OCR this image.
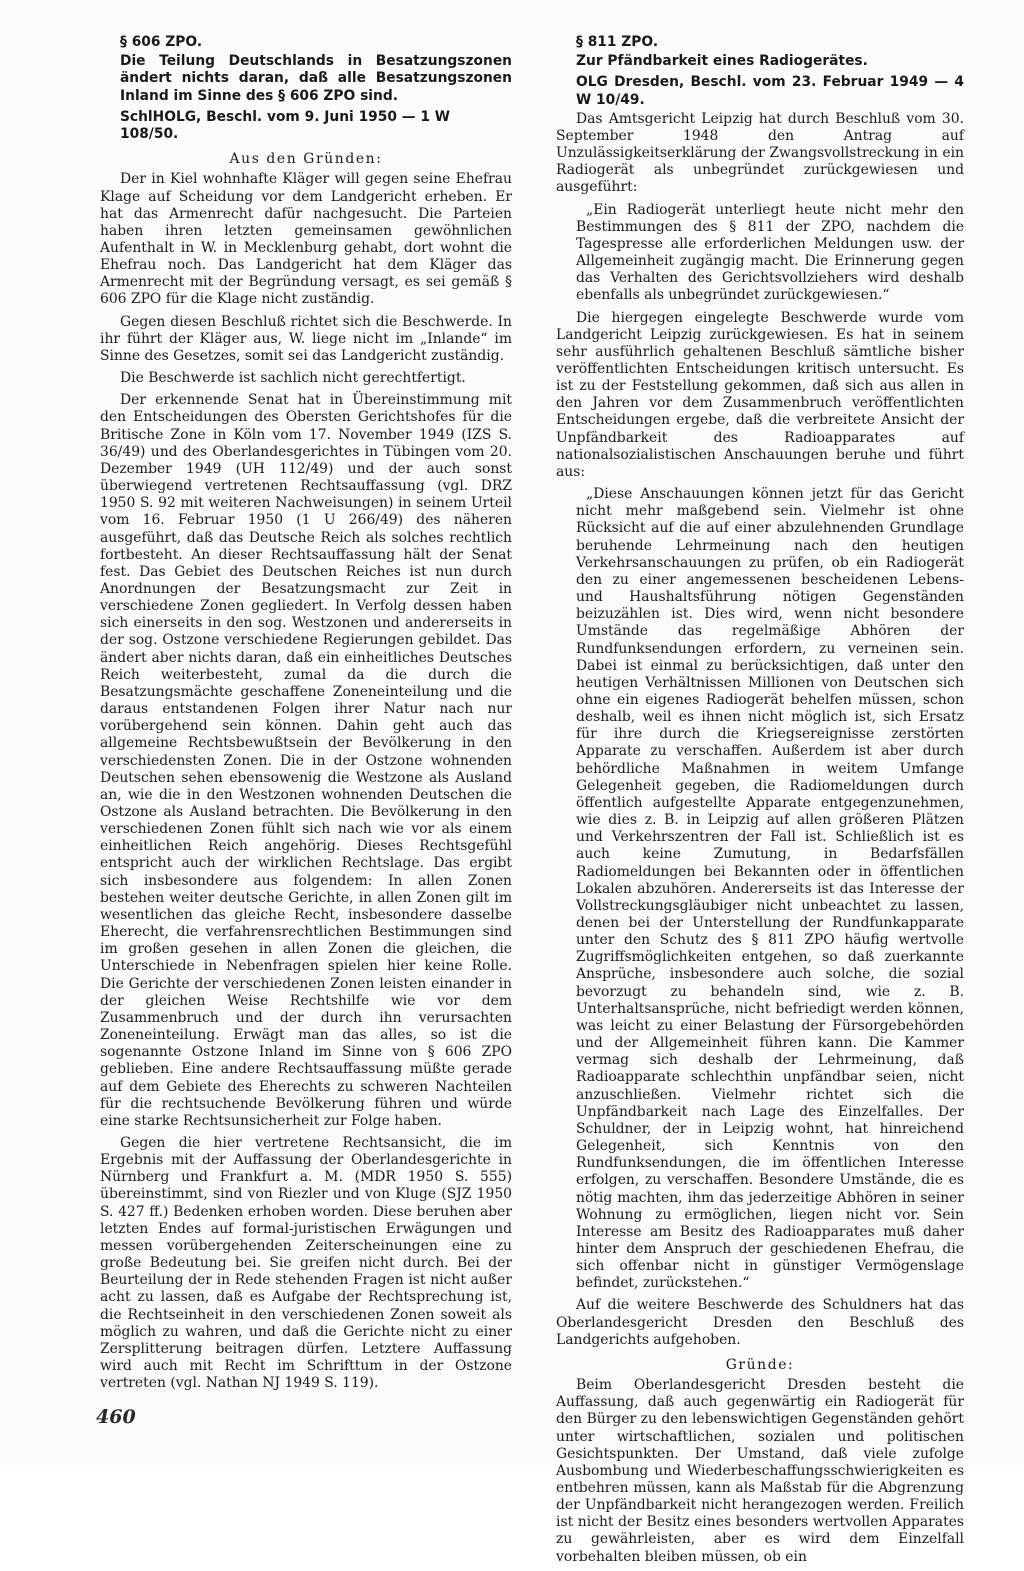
§ 606 ZPO.
Die Teilung Deutschlands in Besatzungszonen ändert nichts daran, daß alle Besatzungszonen Inland im Sinne des § 606 ZPO sind.
SchlHOLG, Beschl. vom 9. Juni 1950 — 1 W 108/50.
Aus den Gründen:

Der in Kiel wohnhafte Kläger will gegen seine Ehefrau Klage auf Scheidung vor dem Landgericht erheben. Er hat das Armenrecht dafür nachgesucht. Die Parteien haben ihren letzten gemeinsamen gewöhnlichen Aufenthalt in W. in Mecklenburg gehabt, dort wohnt die Ehefrau noch. Das Landgericht hat dem Kläger das Armenrecht mit der Begründung versagt, es sei gemäß § 606 ZPO für die Klage nicht zuständig.

Gegen diesen Beschluß richtet sich die Beschwerde. In ihr führt der Kläger aus, W. liege nicht im „Inlande“ im Sinne des Gesetzes, somit sei das Landgericht zuständig.

Die Beschwerde ist sachlich nicht gerechtfertigt.

Der erkennende Senat hat in Übereinstimmung mit den Entscheidungen des Obersten Gerichtshofes für die Britische Zone in Köln vom 17. November 1949 (IZS S. 36/49) und des Oberlandesgerichtes in Tübingen vom 20. Dezember 1949 (UH 112/49) und der auch sonst überwiegend vertretenen Rechtsauffassung (vgl. DRZ 1950 S. 92 mit weiteren Nachweisungen) in seinem Urteil vom 16. Februar 1950 (1 U 266/49) des näheren ausgeführt, daß das Deutsche Reich als solches rechtlich fortbesteht. An dieser Rechtsauffassung hält der Senat fest. Das Gebiet des Deutschen Reiches ist nun durch Anordnungen der Besatzungsmacht zur Zeit in verschiedene Zonen gegliedert. In Verfolg dessen haben sich einerseits in den sog. Westzonen und andererseits in der sog. Ostzone verschiedene Regierungen gebildet. Das ändert aber nichts daran, daß ein einheitliches Deutsches Reich weiterbesteht, zumal da die durch die Besatzungsmächte geschaffene Zoneneinteilung und die daraus entstandenen Folgen ihrer Natur nach nur vorübergehend sein können. Dahin geht auch das allgemeine Rechtsbewußtsein der Bevölkerung in den verschiedensten Zonen. Die in der Ostzone wohnenden Deutschen sehen ebensowenig die Westzone als Ausland an, wie die in den Westzonen wohnenden Deutschen die Ostzone als Ausland betrachten. Die Bevölkerung in den verschiedenen Zonen fühlt sich nach wie vor als einem einheitlichen Reich angehörig. Dieses Rechtsgefühl entspricht auch der wirklichen Rechtslage. Das ergibt sich insbesondere aus folgendem: In allen Zonen bestehen weiter deutsche Gerichte, in allen Zonen gilt im wesentlichen das gleiche Recht, insbesondere dasselbe Eherecht, die verfahrensrechtlichen Bestimmungen sind im großen gesehen in allen Zonen die gleichen, die Unterschiede in Nebenfragen spielen hier keine Rolle. Die Gerichte der verschiedenen Zonen leisten einander in der gleichen Weise Rechtshilfe wie vor dem Zusammenbruch und der durch ihn verursachten Zoneneinteilung. Erwägt man das alles, so ist die sogenannte Ostzone Inland im Sinne von § 606 ZPO geblieben. Eine andere Rechtsauffassung müßte gerade auf dem Gebiete des Eherechts zu schweren Nachteilen für die rechtsuchende Bevölkerung führen und würde eine starke Rechtsunsicherheit zur Folge haben.

Gegen die hier vertretene Rechtsansicht, die im Ergebnis mit der Auffassung der Oberlandesgerichte in Nürnberg und Frankfurt a. M. (MDR 1950 S. 555) übereinstimmt, sind von Riezler und von Kluge (SJZ 1950 S. 427 ff.) Bedenken erhoben worden. Diese beruhen aber letzten Endes auf formal-juristischen Erwägungen und messen vorübergehenden Zeiterscheinungen eine zu große Bedeutung bei. Sie greifen nicht durch. Bei der Beurteilung der in Rede stehenden Fragen ist nicht außer acht zu lassen, daß es Aufgabe der Rechtsprechung ist, die Rechtseinheit in den verschiedenen Zonen soweit als möglich zu wahren, und daß die Gerichte nicht zu einer Zersplitterung beitragen dürfen. Letztere Auffassung wird auch mit Recht im Schrifttum in der Ostzone vertreten (vgl. Nathan NJ 1949 S. 119).

§ 811 ZPO.
Zur Pfändbarkeit eines Radiogerätes.
OLG Dresden, Beschl. vom 23. Februar 1949 — 4 W 10/49.

Das Amtsgericht Leipzig hat durch Beschluß vom 30. September 1948 den Antrag auf Unzulässigkeitserklärung der Zwangsvollstreckung in ein Radiogerät als unbegründet zurückgewiesen und ausgeführt:

„Ein Radiogerät unterliegt heute nicht mehr den Bestimmungen des § 811 der ZPO, nachdem die Tagespresse alle erforderlichen Meldungen usw. der Allgemeinheit zugängig macht. Die Erinnerung gegen das Verhalten des Gerichtsvollziehers wird deshalb ebenfalls als unbegründet zurückgewiesen.“

Die hiergegen eingelegte Beschwerde wurde vom Landgericht Leipzig zurückgewiesen. Es hat in seinem sehr ausführlich gehaltenen Beschluß sämtliche bisher veröffentlichten Entscheidungen kritisch untersucht. Es ist zu der Feststellung gekommen, daß sich aus allen in den Jahren vor dem Zusammenbruch veröffentlichten Entscheidungen ergebe, daß die verbreitete Ansicht der Unpfändbarkeit des Radioapparates auf nationalsozialistischen Anschauungen beruhe und führt aus:

„Diese Anschauungen können jetzt für das Gericht nicht mehr maßgebend sein. Vielmehr ist ohne Rücksicht auf die auf einer abzulehnenden Grundlage beruhende Lehrmeinung nach den heutigen Verkehrsanschauungen zu prüfen, ob ein Radiogerät den zu einer angemessenen bescheidenen Lebens- und Haushaltsführung nötigen Gegenständen beizuzählen ist. Dies wird, wenn nicht besondere Umstände das regelmäßige Abhören der Rundfunksendungen erfordern, zu verneinen sein. Dabei ist einmal zu berücksichtigen, daß unter den heutigen Verhältnissen Millionen von Deutschen sich ohne ein eigenes Radiogerät behelfen müssen, schon deshalb, weil es ihnen nicht möglich ist, sich Ersatz für ihre durch die Kriegsereignisse zerstörten Apparate zu verschaffen. Außerdem ist aber durch behördliche Maßnahmen in weitem Umfange Gelegenheit gegeben, die Radiomeldungen durch öffentlich aufgestellte Apparate entgegenzunehmen, wie dies z. B. in Leipzig auf allen größeren Plätzen und Verkehrszentren der Fall ist. Schließlich ist es auch keine Zumutung, in Bedarfsfällen Radiomeldungen bei Bekannten oder in öffentlichen Lokalen abzuhören. Andererseits ist das Interesse der Vollstreckungsgläubiger nicht unbeachtet zu lassen, denen bei der Unterstellung der Rundfunkapparate unter den Schutz des § 811 ZPO häufig wertvolle Zugriffsmöglichkeiten entgehen, so daß zuerkannte Ansprüche, insbesondere auch solche, die sozial bevorzugt zu behandeln sind, wie z. B. Unterhaltsansprüche, nicht befriedigt werden können, was leicht zu einer Belastung der Fürsorgebehörden und der Allgemeinheit führen kann. Die Kammer vermag sich deshalb der Lehrmeinung, daß Radioapparate schlechthin unpfändbar seien, nicht anzuschließen. Vielmehr richtet sich die Unpfändbarkeit nach Lage des Einzelfalles. Der Schuldner, der in Leipzig wohnt, hat hinreichend Gelegenheit, sich Kenntnis von den Rundfunksendungen, die im öffentlichen Interesse erfolgen, zu verschaffen. Besondere Umstände, die es nötig machten, ihm das jederzeitige Abhören in seiner Wohnung zu ermöglichen, liegen nicht vor. Sein Interesse am Besitz des Radioapparates muß daher hinter dem Anspruch der geschiedenen Ehefrau, die sich offenbar nicht in günstiger Vermögenslage befindet, zurückstehen.“

Auf die weitere Beschwerde des Schuldners hat das Oberlandesgericht Dresden den Beschluß des Landgerichts aufgehoben.

Gründe:

Beim Oberlandesgericht Dresden besteht die Auffassung, daß auch gegenwärtig ein Radiogerät für den Bürger zu den lebenswichtigen Gegenständen gehört unter wirtschaftlichen, sozialen und politischen Gesichtspunkten. Der Umstand, daß viele zufolge Ausbombung und Wiederbeschaffungsschwierigkeiten es entbehren müssen, kann als Maßstab für die Abgrenzung der Unpfändbarkeit nicht herangezogen werden. Freilich ist nicht der Besitz eines besonders wertvollen Apparates zu gewährleisten, aber es wird dem Einzelfall vorbehalten bleiben müssen, ob ein

460
